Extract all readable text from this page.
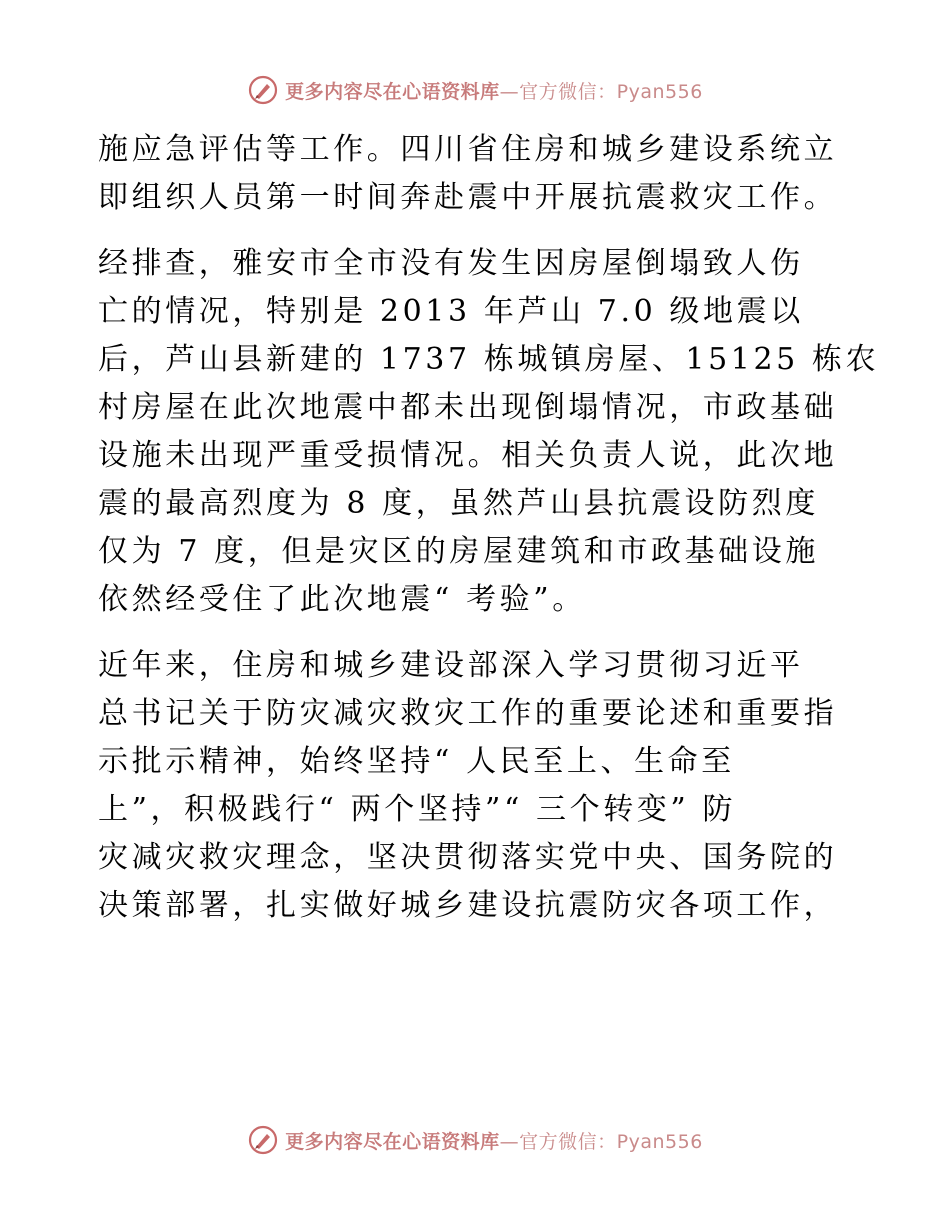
更多内容尽在心语资料库—官方微信：Pyan556
施应急评估等工作。四川省住房和城乡建设系统立
即组织人员第一时间奔赴震中开展抗震救灾工作。
经排查，雅安市全市没有发生因房屋倒塌致人伤
亡的情况，特别是 2013 年芦山 7.0 级地震以
后，芦山县新建的 1737 栋城镇房屋、15125 栋农
村房屋在此次地震中都未出现倒塌情况，市政基础
设施未出现严重受损情况。相关负责人说，此次地
震的最高烈度为 8 度，虽然芦山县抗震设防烈度
仅为 7 度，但是灾区的房屋建筑和市政基础设施
依然经受住了此次地震“ 考验”。
近年来，住房和城乡建设部深入学习贯彻习近平
总书记关于防灾减灾救灾工作的重要论述和重要指
示批示精神，始终坚持“ 人民至上、生命至
上”，积极践行“ 两个坚持”“ 三个转变” 防
灾减灾救灾理念，坚决贯彻落实党中央、国务院的
决策部署，扎实做好城乡建设抗震防灾各项工作，
更多内容尽在心语资料库—官方微信：Pyan556
